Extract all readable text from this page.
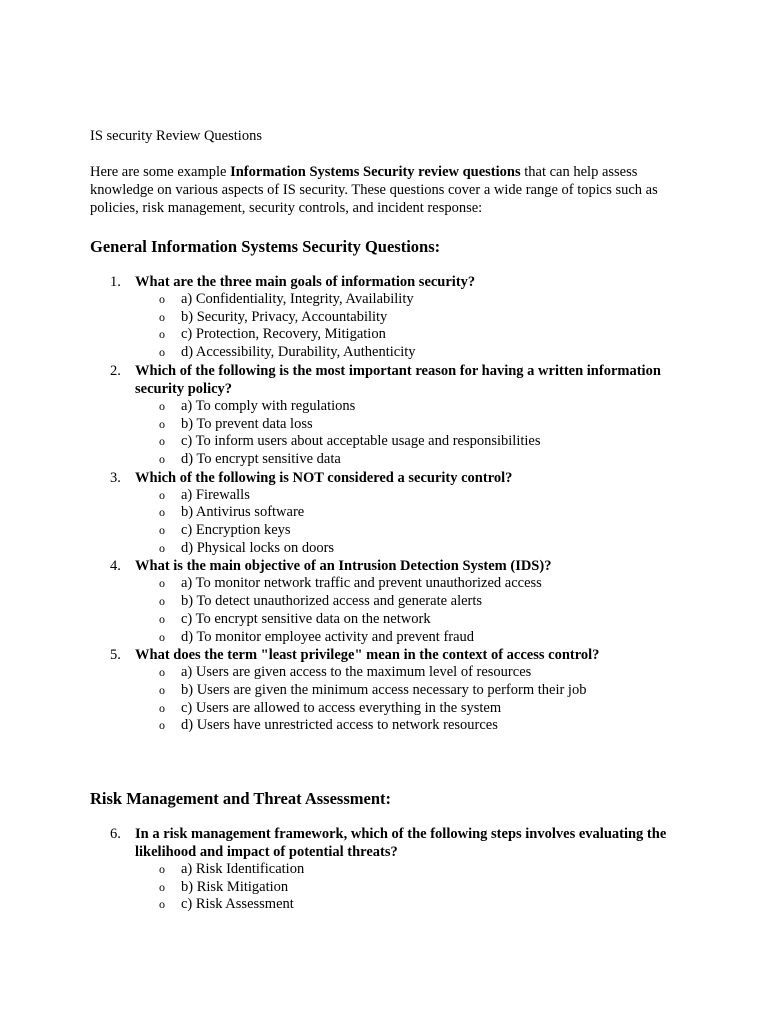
IS security Review Questions

Here are some example Information Systems Security review questions that can help assess knowledge on various aspects of IS security. These questions cover a wide range of topics such as policies, risk management, security controls, and incident response:

General Information Systems Security Questions:
1. What are the three main goals of information security?
o a) Confidentiality, Integrity, Availability
o b) Security, Privacy, Accountability
o c) Protection, Recovery, Mitigation
o d) Accessibility, Durability, Authenticity
2. Which of the following is the most important reason for having a written information security policy?
o a) To comply with regulations
o b) To prevent data loss
o c) To inform users about acceptable usage and responsibilities
o d) To encrypt sensitive data
3. Which of the following is NOT considered a security control?
o a) Firewalls
o b) Antivirus software
o c) Encryption keys
o d) Physical locks on doors
4. What is the main objective of an Intrusion Detection System (IDS)?
o a) To monitor network traffic and prevent unauthorized access
o b) To detect unauthorized access and generate alerts
o c) To encrypt sensitive data on the network
o d) To monitor employee activity and prevent fraud
5. What does the term "least privilege" mean in the context of access control?
o a) Users are given access to the maximum level of resources
o b) Users are given the minimum access necessary to perform their job
o c) Users are allowed to access everything in the system
o d) Users have unrestricted access to network resources
Risk Management and Threat Assessment:
6. In a risk management framework, which of the following steps involves evaluating the likelihood and impact of potential threats?
o a) Risk Identification
o b) Risk Mitigation
o c) Risk Assessment
